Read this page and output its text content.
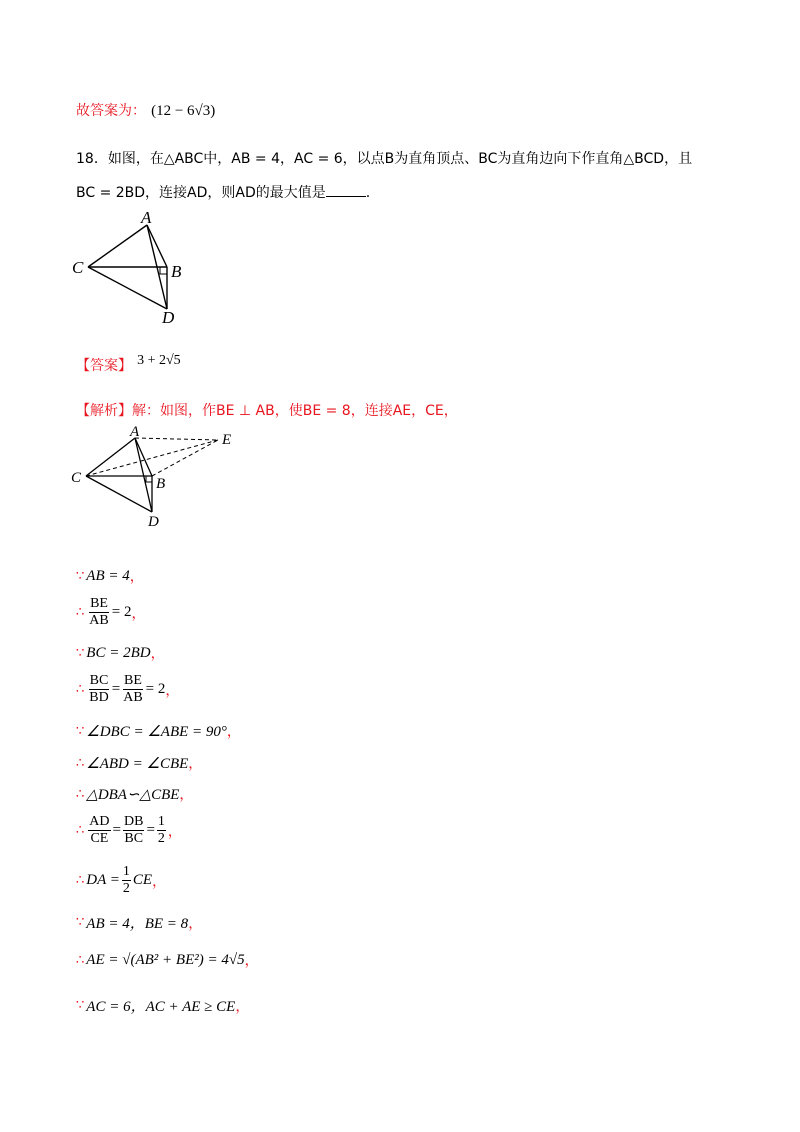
故答案为： (12 − 6√3)
18．如图，在△ABC中，AB = 4，AC = 6，以点B为直角顶点、BC为直角边向下作直角△BCD，且
BC = 2BD，连接AD，则AD的最大值是	.
A
B
C
D
【答案】 3 + 2√5
【解析】解：如图，作BE ⊥ AB，使BE = 8，连接AE，CE，
A
B
C
D
E
∵ AB = 4 ，
∴ $\frac{BE}{AB} = 2$ ，
∵ BC = 2BD ，
∴ $\frac{BC}{BD} = \frac{BE}{AB} = 2$ ，
∵ ∠DBC = ∠ABE = 90° ，
∴ ∠ABD = ∠CBE ，
∴ △DBA∽△CBE ，
∴ $\frac{AD}{CE} = \frac{DB}{BC} = \frac{1}{2}$ ，
∴ DA = $\frac{1}{2}$ CE ，
∵ AB = 4，BE = 8 ，
∴ AE = √(AB² + BE²) = 4√5 ，
∵ AC = 6，AC + AE ≥ CE ，
